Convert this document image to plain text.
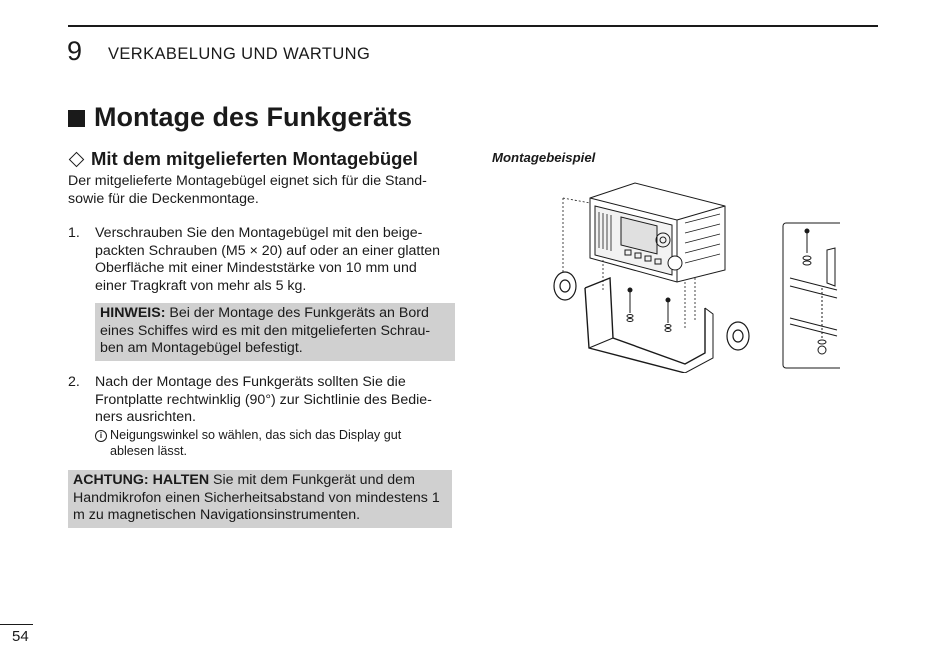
9 VERKABELUNG UND WARTUNG
Montage des Funkgeräts
Mit dem mitgelieferten Montagebügel
Der mitgelieferte Montagebügel eignet sich für die Stand- sowie für die Deckenmontage.
1. Verschrauben Sie den Montagebügel mit den beige- packten Schrauben (M5 × 20) auf oder an einer glatten Oberfläche mit einer Mindeststärke von 10 mm und einer Tragkraft von mehr als 5 kg.
HINWEIS: Bei der Montage des Funkgeräts an Bord eines Schiffes wird es mit den mitgelieferten Schrau- ben am Montagebügel befestigt.
2. Nach der Montage des Funkgeräts sollten Sie die Frontplatte rechtwinklig (90°) zur Sichtlinie des Bedie- ners ausrichten.
i Neigungswinkel so wählen, das sich das Display gut
ablesen lässt.
ACHTUNG: HALTEN Sie mit dem Funkgerät und dem Handmikrofon einen Sicherheitsabstand von mindestens 1 m zu magnetischen Navigationsinstrumenten.
Montagebeispiel
54
